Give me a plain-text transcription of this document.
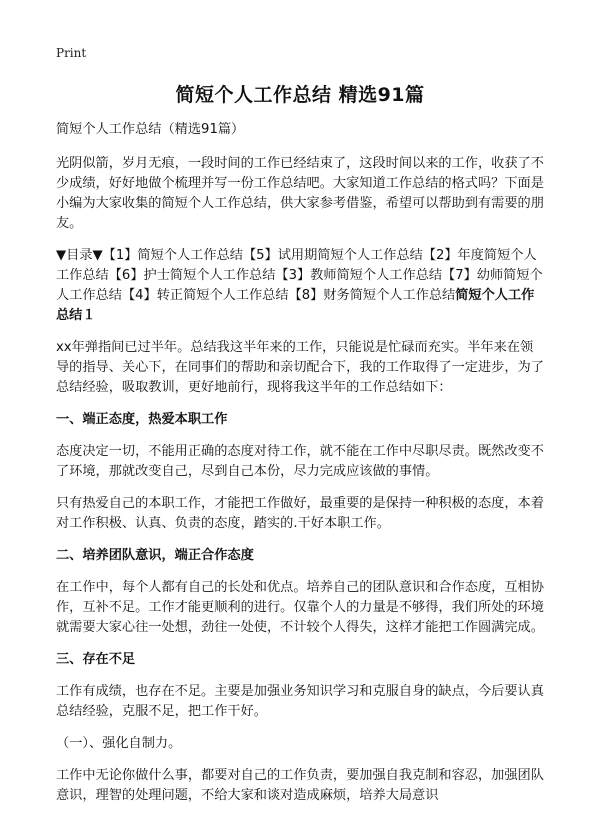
Print
简短个人工作总结 精选91篇

简短个人工作总结（精选91篇）

光阴似箭，岁月无痕，一段时间的工作已经结束了，这段时间以来的工作，收获了不少成绩，好好地做个梳理并写一份工作总结吧。大家知道工作总结的格式吗？下面是小编为大家收集的简短个人工作总结，供大家参考借鉴，希望可以帮助到有需要的朋友。

▼目录▼【1】简短个人工作总结【5】试用期简短个人工作总结【2】年度简短个人工作总结【6】护士简短个人工作总结【3】教师简短个人工作总结【7】幼师简短个人工作总结【4】转正简短个人工作总结【8】财务简短个人工作总结简短个人工作总结１

xx年弹指间已过半年。总结我这半年来的工作，只能说是忙碌而充实。半年来在领导的指导、关心下，在同事们的帮助和亲切配合下，我的工作取得了一定进步，为了总结经验，吸取教训，更好地前行，现将我这半年的工作总结如下：

一、端正态度，热爱本职工作

态度决定一切，不能用正确的态度对待工作，就不能在工作中尽职尽责。既然改变不了环境，那就改变自己，尽到自己本份，尽力完成应该做的事情。

只有热爱自己的本职工作，才能把工作做好，最重要的是保持一种积极的态度，本着对工作积极、认真、负责的态度，踏实的.干好本职工作。

二、培养团队意识，端正合作态度

在工作中，每个人都有自己的长处和优点。培养自己的团队意识和合作态度，互相协作，互补不足。工作才能更顺利的进行。仅靠个人的力量是不够得，我们所处的环境就需要大家心往一处想，劲往一处使，不计较个人得失，这样才能把工作圆满完成。

三、存在不足

工作有成绩，也存在不足。主要是加强业务知识学习和克服自身的缺点，今后要认真总结经验，克服不足，把工作干好。

（一）、强化自制力。

工作中无论你做什么事，都要对自己的工作负责，要加强自我克制和容忍，加强团队意识，理智的处理问题，不给大家和谈对造成麻烦，培养大局意识
